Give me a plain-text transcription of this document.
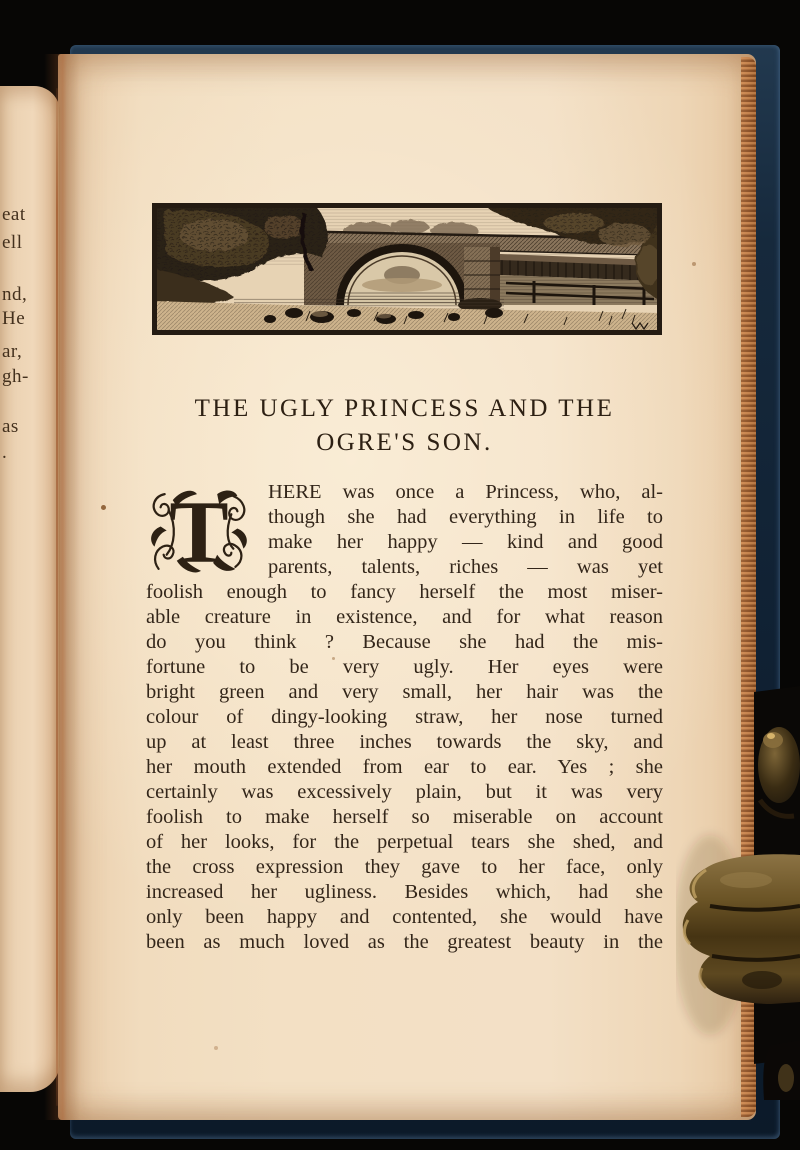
THE UGLY PRINCESS AND THE
OGRE'S SON.
T HERE was once a Princess, who, al-
though she had everything in life to
make her happy — kind and good
parents, talents, riches — was yet
foolish enough to fancy herself the most miser-
able creature in existence, and for what reason
do you think ? Because she had the mis-
fortune to be very ugly. Her eyes were
bright green and very small, her hair was the
colour of dingy-looking straw, her nose turned
up at least three inches towards the sky, and
her mouth extended from ear to ear. Yes ; she
certainly was excessively plain, but it was very
foolish to make herself so miserable on account
of her looks, for the perpetual tears she shed, and
the cross expression they gave to her face, only
increased her ugliness. Besides which, had she
only been happy and contented, she would have
been as much loved as the greatest beauty in the
eat
ell
nd,
He
ar,
gh-
as
.
